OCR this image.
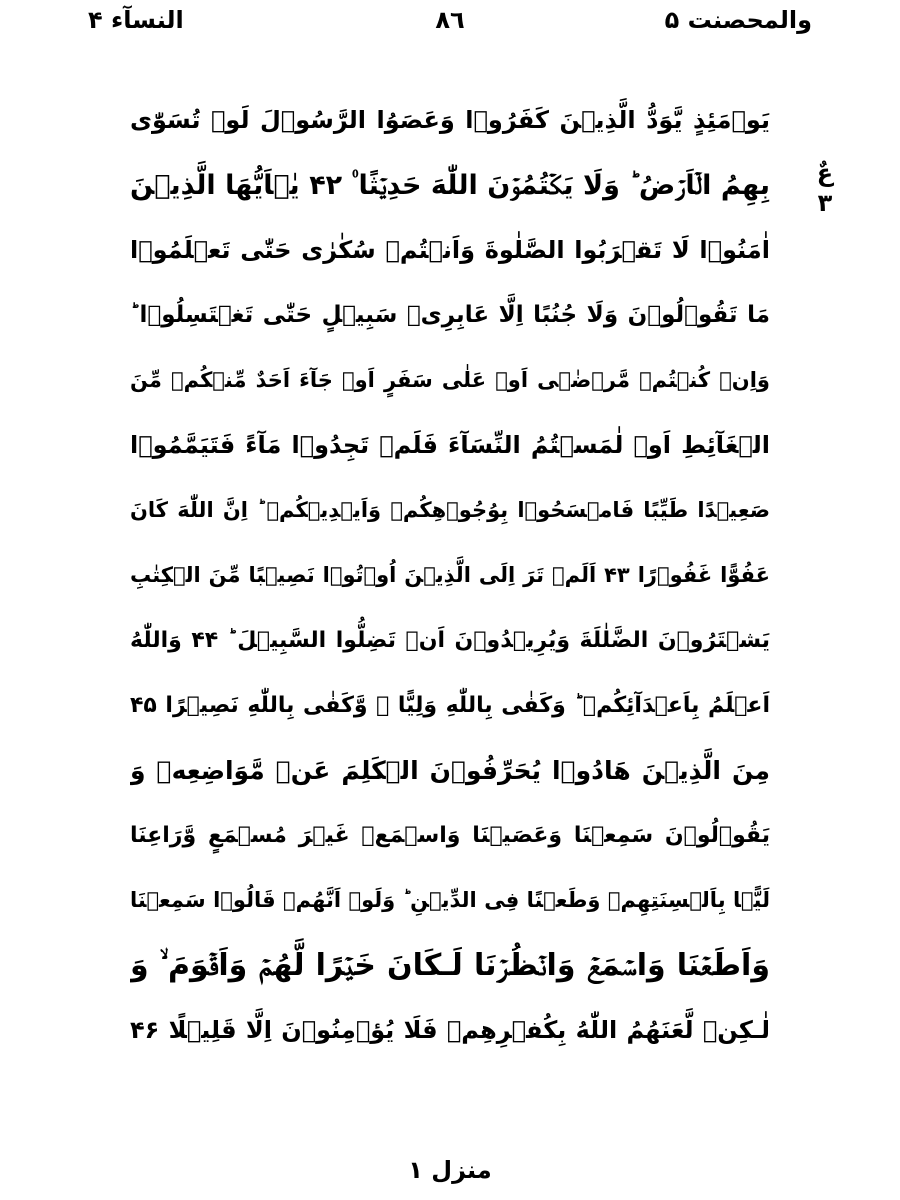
النسآء ۴	٨٦	والمحصنت ۵
عٌ
٣
يَوۡمَئِذٍ يَّوَدُّ الَّذِيۡنَ كَفَرُوۡا وَعَصَوُا الرَّسُوۡلَ لَوۡ تُسَوّٰى
بِهِمُ الۡاَرۡضُ ؕ وَلَا يَكۡتُمُوۡنَ اللّٰهَ حَدِيۡثًا ۠ ۴۲ يٰۤاَيُّهَا الَّذِيۡنَ
اٰمَنُوۡا لَا تَقۡرَبُوا الصَّلٰوةَ وَاَنۡتُمۡ سُكٰرٰى حَتّٰى تَعۡلَمُوۡا
مَا تَقُوۡلُوۡنَ وَلَا جُنُبًا اِلَّا عَابِرِىۡ سَبِيۡلٍ حَتّٰى تَغۡتَسِلُوۡا ؕ
وَاِنۡ كُنۡتُمۡ مَّرۡضٰۤى اَوۡ عَلٰى سَفَرٍ اَوۡ جَآءَ اَحَدٌ مِّنۡكُمۡ مِّنَ
الۡغَآئِطِ اَوۡ لٰمَسۡتُمُ النِّسَآءَ فَلَمۡ تَجِدُوۡا مَآءً فَتَيَمَّمُوۡا
صَعِيۡدًا طَيِّبًا فَامۡسَحُوۡا بِوُجُوۡهِكُمۡ وَاَيۡدِيۡكُمۡ ؕ اِنَّ اللّٰهَ كَانَ
عَفُوًّا غَفُوۡرًا ۴۳ اَلَمۡ تَرَ اِلَى الَّذِيۡنَ اُوۡتُوۡا نَصِيۡبًا مِّنَ الۡكِتٰبِ
يَشۡتَرُوۡنَ الضَّلٰلَةَ وَيُرِيۡدُوۡنَ اَنۡ تَضِلُّوا السَّبِيۡلَ ؕ ۴۴ وَاللّٰهُ
اَعۡلَمُ بِاَعۡدَآئِكُمۡ ؕ وَكَفٰى بِاللّٰهِ وَلِيًّا ۙ وَّكَفٰى بِاللّٰهِ نَصِيۡرًا ۴۵
مِنَ الَّذِيۡنَ هَادُوۡا يُحَرِّفُوۡنَ الۡكَلِمَ عَنۡ مَّوَاضِعِهٖ وَ
يَقُوۡلُوۡنَ سَمِعۡنَا وَعَصَيۡنَا وَاسۡمَعۡ غَيۡرَ مُسۡمَعٍ وَّرَاعِنَا
لَيًّۢا بِاَلۡسِنَتِهِمۡ وَطَعۡنًا فِى الدِّيۡنِ ؕ وَلَوۡ اَنَّهُمۡ قَالُوۡا سَمِعۡنَا
وَاَطَعۡنَا وَاسۡمَعۡ وَانۡظُرۡنَا لَـكَانَ خَيۡرًا لَّهُمۡ وَاَقۡوَمَ ۙ وَ
لٰـكِنۡ لَّعَنَهُمُ اللّٰهُ بِكُفۡرِهِمۡ فَلَا يُؤۡمِنُوۡنَ اِلَّا قَلِيۡلًا ۴۶
منزل ۱
